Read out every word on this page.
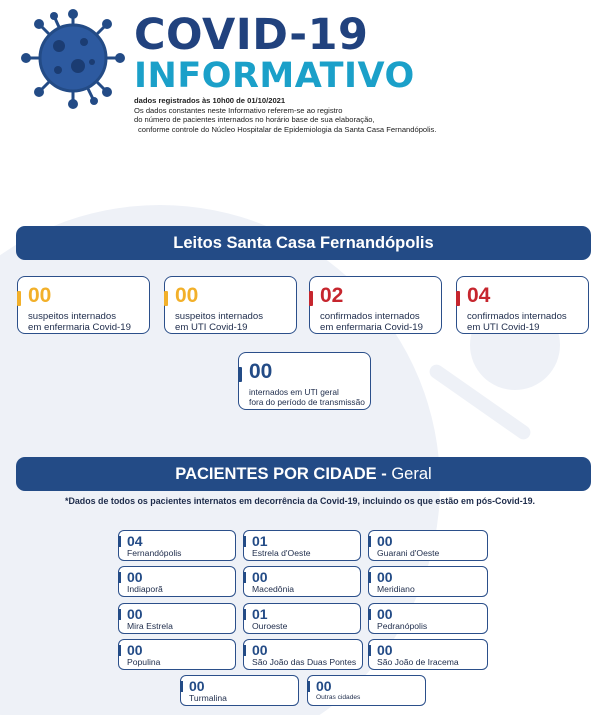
COVID-19
INFORMATIVO
dados registrados às 10h00 de 01/10/2021
Os dados constantes neste Informativo referem-se ao registro
do número de pacientes internados no horário base de sua elaboração,
conforme controle do Núcleo Hospitalar de Epidemiologia da Santa Casa Fernandópolis.
Leitos Santa Casa Fernandópolis
00
suspeitos internados
em enfermaria Covid-19
00
suspeitos internados
em UTI Covid-19
02
confirmados internados
em enfermaria Covid-19
04
confirmados internados
em UTI Covid-19
00
internados em UTI geral
fora do período de transmissão
PACIENTES POR CIDADE - Geral
*Dados de todos os pacientes internatos em decorrência da Covid-19, incluindo os que estão em pós-Covid-19.
04
Fernandópolis
01
Estrela d'Oeste
00
Guarani d'Oeste
00
Indiaporã
00
Macedônia
00
Meridiano
00
Mira Estrela
01
Ouroeste
00
Pedranópolis
00
Populina
00
São João das Duas Pontes
00
São João de Iracema
00
Turmalina
00
Outras cidades
